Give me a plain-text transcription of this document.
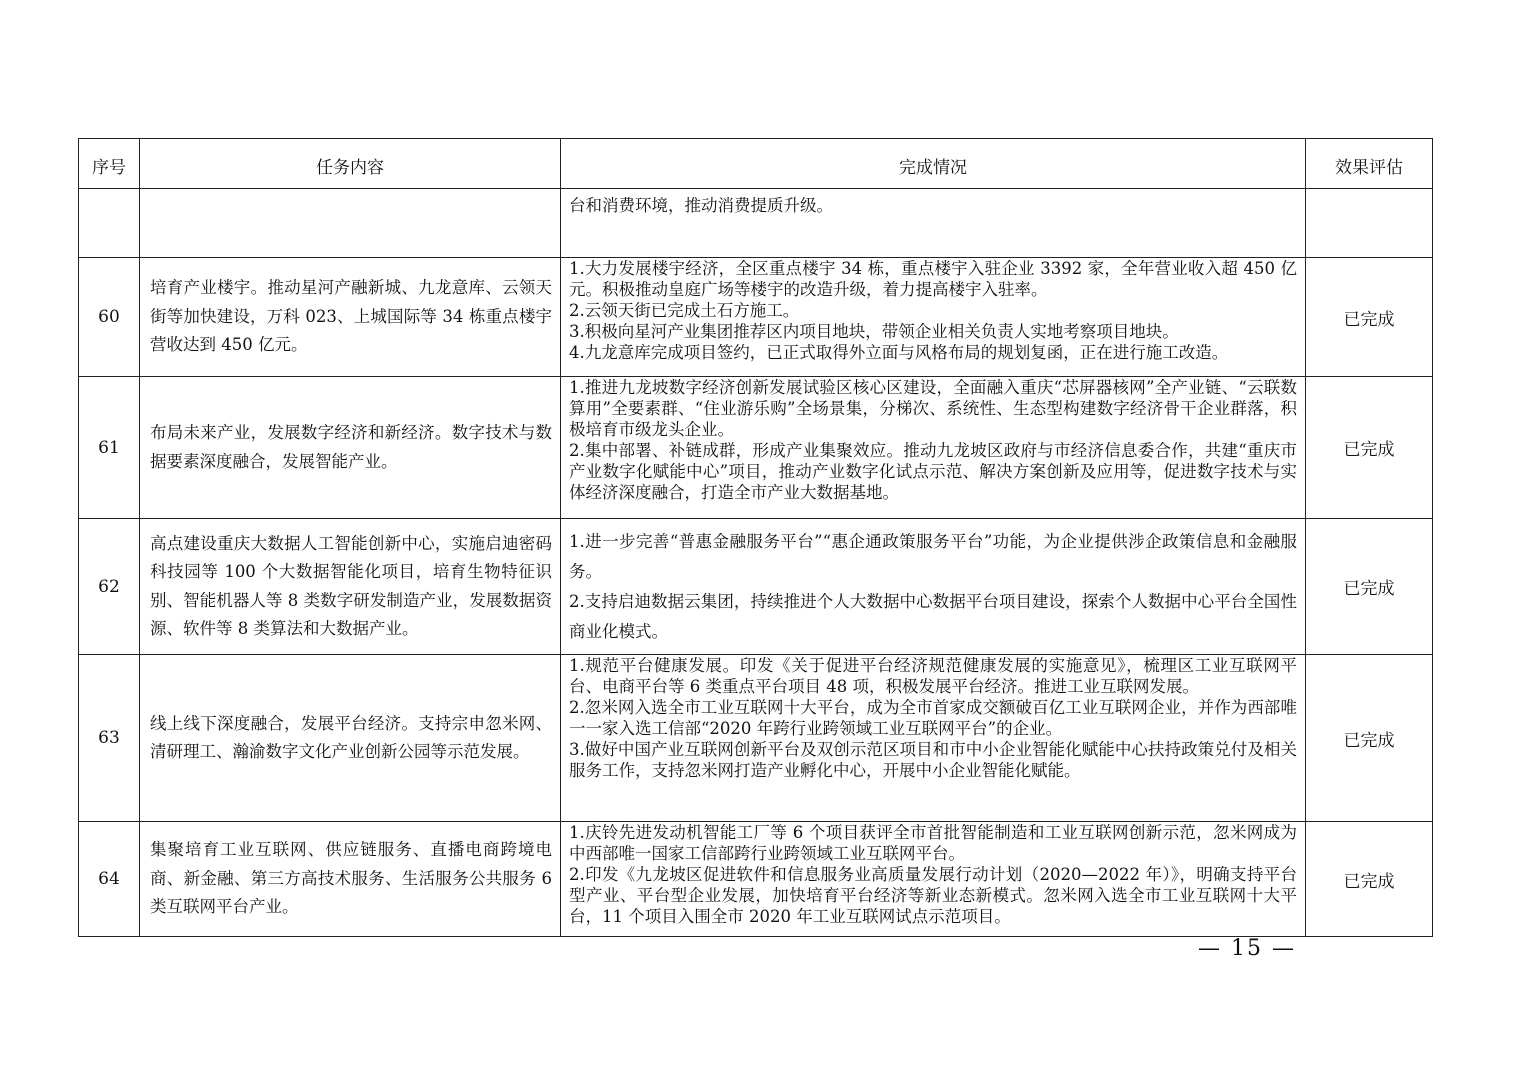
序号	任务内容	完成情况	效果评估

		台和消费环境，推动消费提质升级。	

60	培育产业楼宇。推动星河产融新城、九龙意库、云领天街等加快建设，万科 023、上城国际等 34 栋重点楼宇营收达到 450 亿元。	1.大力发展楼宇经济，全区重点楼宇 34 栋，重点楼宇入驻企业 3392 家，全年营业收入超 450 亿元。积极推动皇庭广场等楼宇的改造升级，着力提高楼宇入驻率。

2.云领天街已完成土石方施工。

3.积极向星河产业集团推荐区内项目地块，带领企业相关负责人实地考察项目地块。

4.九龙意库完成项目签约，已正式取得外立面与风格布局的规划复函，正在进行施工改造。	已完成
61	布局未来产业，发展数字经济和新经济。数字技术与数据要素深度融合，发展智能产业。	1.推进九龙坡数字经济创新发展试验区核心区建设，全面融入重庆“芯屏器核网”全产业链、“云联数算用”全要素群、“住业游乐购”全场景集，分梯次、系统性、生态型构建数字经济骨干企业群落，积极培育市级龙头企业。

2.集中部署、补链成群，形成产业集聚效应。推动九龙坡区政府与市经济信息委合作，共建“重庆市产业数字化赋能中心”项目，推动产业数字化试点示范、解决方案创新及应用等，促进数字技术与实体经济深度融合，打造全市产业大数据基地。	已完成
62	高点建设重庆大数据人工智能创新中心，实施启迪密码科技园等 100 个大数据智能化项目，培育生物特征识别、智能机器人等 8 类数字研发制造产业，发展数据资源、软件等 8 类算法和大数据产业。	1.进一步完善“普惠金融服务平台”“惠企通政策服务平台”功能，为企业提供涉企政策信息和金融服务。

2.支持启迪数据云集团，持续推进个人大数据中心数据平台项目建设，探索个人数据中心平台全国性商业化模式。	已完成
63	线上线下深度融合，发展平台经济。支持宗申忽米网、清研理工、瀚渝数字文化产业创新公园等示范发展。	1.规范平台健康发展。印发《关于促进平台经济规范健康发展的实施意见》，梳理区工业互联网平台、电商平台等 6 类重点平台项目 48 项，积极发展平台经济。推进工业互联网发展。

2.忽米网入选全市工业互联网十大平台，成为全市首家成交额破百亿工业互联网企业，并作为西部唯一一家入选工信部“2020 年跨行业跨领域工业互联网平台”的企业。

3.做好中国产业互联网创新平台及双创示范区项目和市中小企业智能化赋能中心扶持政策兑付及相关服务工作，支持忽米网打造产业孵化中心，开展中小企业智能化赋能。	已完成
64	集聚培育工业互联网、供应链服务、直播电商跨境电商、新金融、第三方高技术服务、生活服务公共服务 6 类互联网平台产业。	1.庆铃先进发动机智能工厂等 6 个项目获评全市首批智能制造和工业互联网创新示范，忽米网成为中西部唯一国家工信部跨行业跨领域工业互联网平台。

2.印发《九龙坡区促进软件和信息服务业高质量发展行动计划（2020—2022 年）》，明确支持平台型产业、平台型企业发展，加快培育平台经济等新业态新模式。忽米网入选全市工业互联网十大平台，11 个项目入围全市 2020 年工业互联网试点示范项目。	已完成
— 15 —
